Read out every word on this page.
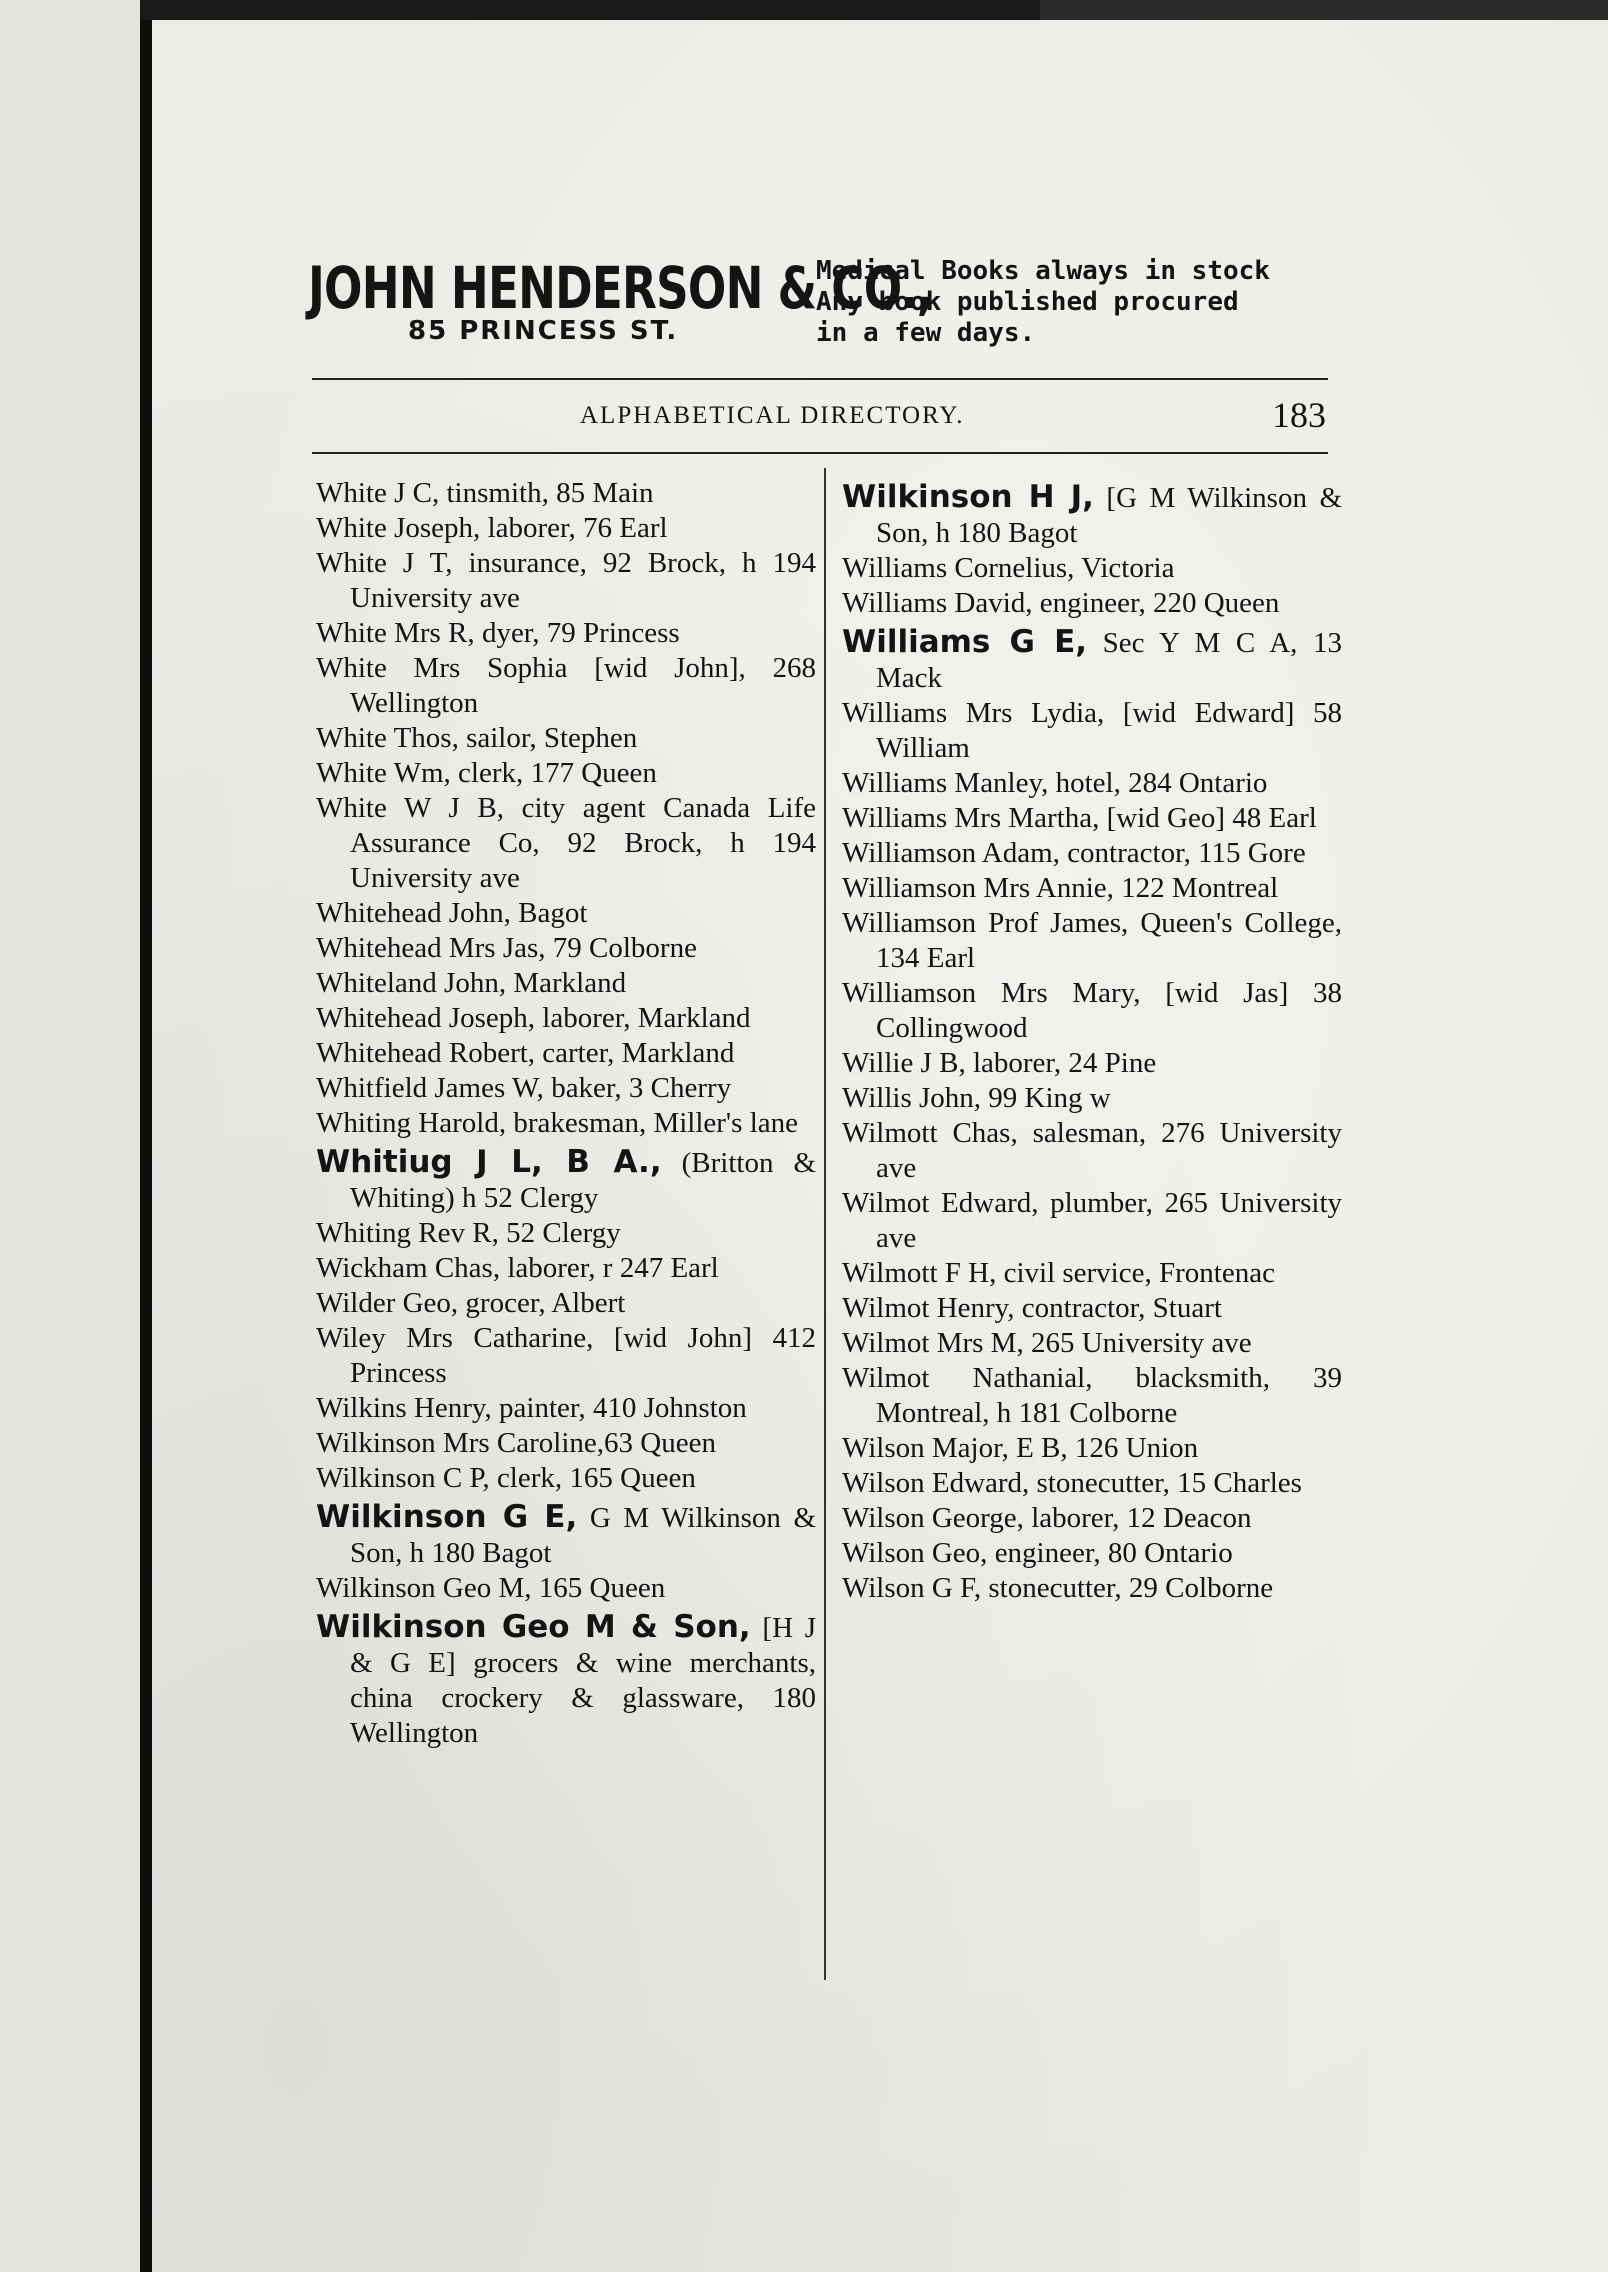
JOHN HENDERSON & CO.,
85 PRINCESS ST.
Medical Books always in stock
Any book published procured
in a few days.
ALPHABETICAL DIRECTORY.	183

White J C, tinsmith, 85 Main

White Joseph, laborer, 76 Earl

White J T, insurance, 92 Brock, h 194 University ave

White Mrs R, dyer, 79 Princess

White Mrs Sophia [wid John], 268 Wellington

White Thos, sailor, Stephen

White Wm, clerk, 177 Queen

White W J B, city agent Canada Life Assurance Co, 92 Brock, h 194 University ave

Whitehead John, Bagot

Whitehead Mrs Jas, 79 Colborne

Whiteland John, Markland

Whitehead Joseph, laborer, Markland

Whitehead Robert, carter, Markland

Whitfield James W, baker, 3 Cherry

Whiting Harold, brakesman, Miller's lane

Whitiug J L, B A., (Britton & Whiting) h 52 Clergy

Whiting Rev R, 52 Clergy

Wickham Chas, laborer, r 247 Earl

Wilder Geo, grocer, Albert

Wiley Mrs Catharine, [wid John] 412 Princess

Wilkins Henry, painter, 410 Johnston

Wilkinson Mrs Caroline,63 Queen

Wilkinson C P, clerk, 165 Queen

Wilkinson G E, G M Wilkinson & Son, h 180 Bagot

Wilkinson Geo M, 165 Queen

Wilkinson Geo M & Son, [H J & G E] grocers & wine merchants, china crockery & glassware, 180 Wellington

Wilkinson H J, [G M Wilkinson & Son, h 180 Bagot

Williams Cornelius, Victoria

Williams David, engineer, 220 Queen

Williams G E, Sec Y M C A, 13 Mack

Williams Mrs Lydia, [wid Edward] 58 William

Williams Manley, hotel, 284 Ontario

Williams Mrs Martha, [wid Geo] 48 Earl

Williamson Adam, contractor, 115 Gore

Williamson Mrs Annie, 122 Montreal

Williamson Prof James, Queen's College, 134 Earl

Williamson Mrs Mary, [wid Jas] 38 Collingwood

Willie J B, laborer, 24 Pine

Willis John, 99 King w

Wilmott Chas, salesman, 276 University ave

Wilmot Edward, plumber, 265 University ave

Wilmott F H, civil service, Frontenac

Wilmot Henry, contractor, Stuart

Wilmot Mrs M, 265 University ave

Wilmot Nathanial, blacksmith, 39 Montreal, h 181 Colborne

Wilson Major, E B, 126 Union

Wilson Edward, stonecutter, 15 Charles

Wilson George, laborer, 12 Deacon

Wilson Geo, engineer, 80 Ontario

Wilson G F, stonecutter, 29 Colborne
